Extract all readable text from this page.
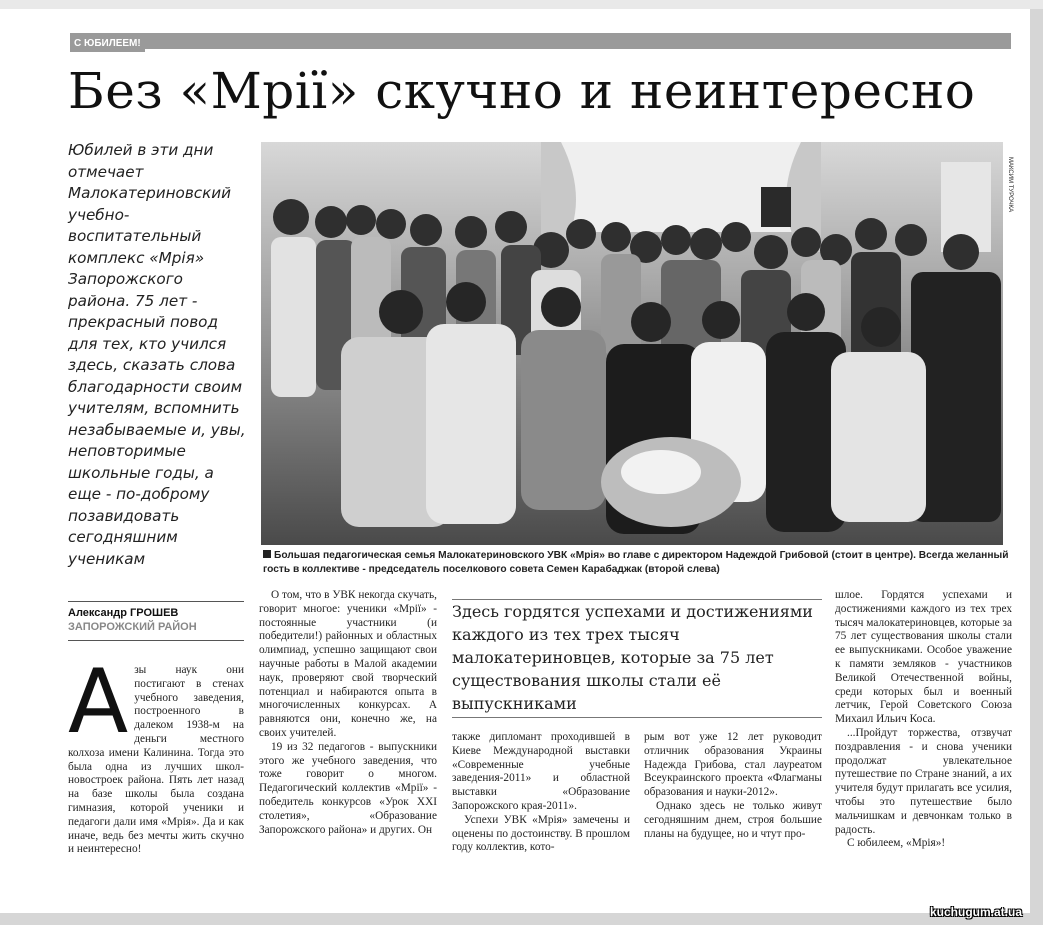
С ЮБИЛЕЕМ!
Без «Мрії» скучно и неинтересно
Юбилей в эти дни отмечает Малокатериновский учебно-воспитательный комплекс «Мрія» Запорожского района. 75 лет - прекрасный повод для тех, кто учился здесь, сказать слова благодарности своим учителям, вспомнить незабываемые и, увы, неповторимые школьные годы, а еще - по-доброму позавидовать сегодняшним ученикам
Александр ГРОШЕВ
ЗАПОРОЖСКИЙ РАЙОН
МАКСИМ ТУРОЧКА
Большая педагогическая семья Малокатериновского УВК «Мрія» во главе с директором Надеждой Грибовой (стоит в центре). Всегда желанный гость в коллективе - председатель поселкового совета Семен Карабаджак (второй слева)
А зы наук они постигают в стенах учебного заведения, построенного в далеком 1938-м на деньги местного колхоза имени Калинина. Тогда это была одна из лучших школ-новостроек района. Пять лет назад на базе школы была создана гимназия, которой ученики и педагоги дали имя «Мрія». Да и как иначе, ведь без мечты жить скучно и неинтересно!

О том, что в УВК некогда скучать, говорит многое: ученики «Мрії» - постоянные участники (и победители!) районных и областных олимпиад, успешно защищают свои научные работы в Малой академии наук, проверяют свой творческий потенциал и набираются опыта в многочисленных конкурсах. А равняются они, конечно же, на своих учителей.

19 из 32 педагогов - выпускники этого же учебного заведения, что тоже говорит о многом. Педагогический коллектив «Мрії» - победитель конкурсов «Урок XXI столетия», «Образование Запорожского района» и других. Он

Здесь гордятся успехами и достижениями каждого из тех трех тысяч малокатериновцев, которые за 75 лет существования школы стали её выпускниками

также дипломант проходившей в Киеве Международной выставки «Современные учебные заведения-2011» и областной выставки «Образование Запорожского края-2011».

Успехи УВК «Мрія» замечены и оценены по достоинству. В прошлом году коллектив, кото-

рым вот уже 12 лет руководит отличник образования Украины Надежда Грибова, стал лауреатом Всеукраинского проекта «Флагманы образования и науки-2012».

Однако здесь не только живут сегодняшним днем, строя большие планы на будущее, но и чтут про-

шлое. Гордятся успехами и достижениями каждого из тех трех тысяч малокатериновцев, которые за 75 лет существования школы стали ее выпускниками. Особое уважение к памяти земляков - участников Великой Отечественной войны, среди которых был и военный летчик, Герой Советского Союза Михаил Ильич Коса.

...Пройдут торжества, отзвучат поздравления - и снова ученики продолжат увлекательное путешествие по Стране знаний, а их учителя будут прилагать все усилия, чтобы это путешествие было мальчишкам и девчонкам только в радость.

С юбилеем, «Мрія»!

kuchugum.at.ua
